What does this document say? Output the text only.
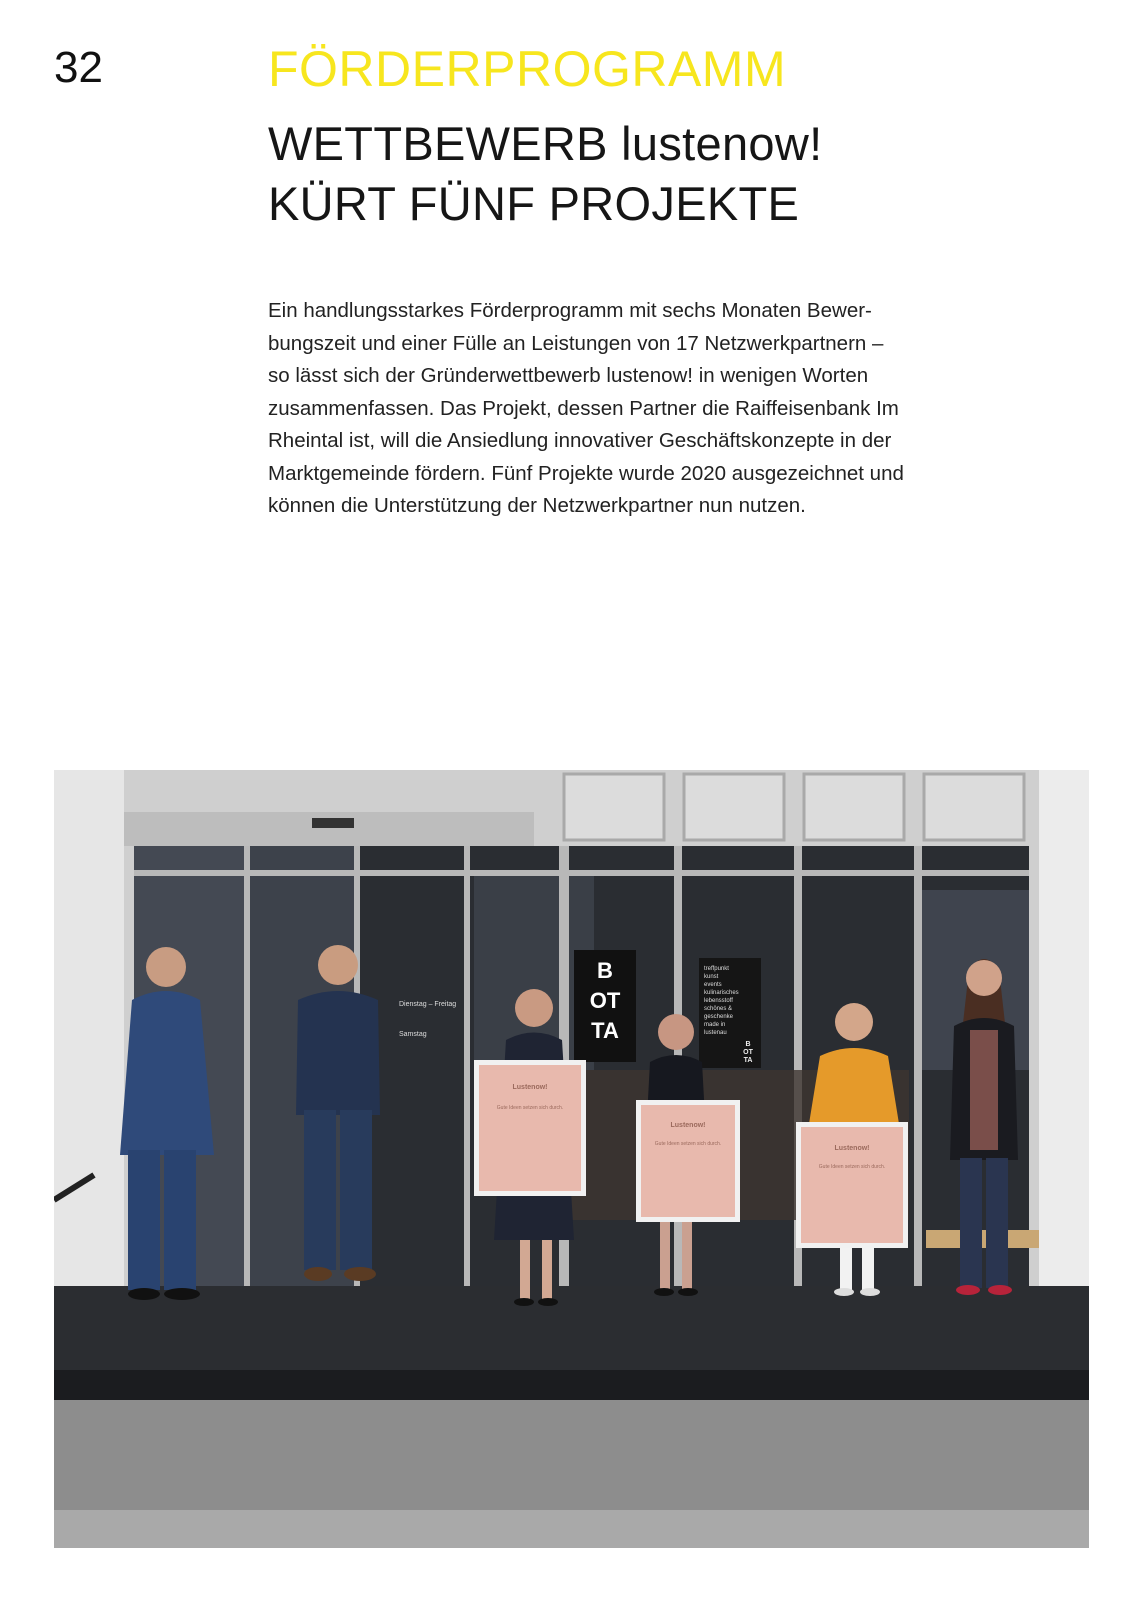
32	FÖRDERPROGRAMM
WETTBEWERB lustenow!
KÜRT FÜNF PROJEKTE
Ein handlungsstarkes Förderprogramm mit sechs Monaten Bewer-
bungszeit und einer Fülle an Leistungen von 17 Netzwerkpartnern –
so lässt sich der Gründerwettbewerb lustenow! in wenigen Worten
zusammenfassen. Das Projekt, dessen Partner die Raiffeisenbank Im
Rheintal ist, will die Ansiedlung innovativer Geschäftskonzepte in der
Marktgemeinde fördern. Fünf Projekte wurde 2020 ausgezeichnet und
können die Unterstützung der Netzwerkpartner nun nutzen.
B
OT
TA
treffpunkt
kunst
events
kulinarisches
lebensstoff
schönes &
geschenke
made in
lustenau
B
OT
TA
Dienstag – Freitag
Samstag
Lustenow!
Gute Ideen setzen sich durch.
Lustenow!
Gute Ideen setzen sich durch.
Lustenow!
Gute Ideen setzen sich durch.
